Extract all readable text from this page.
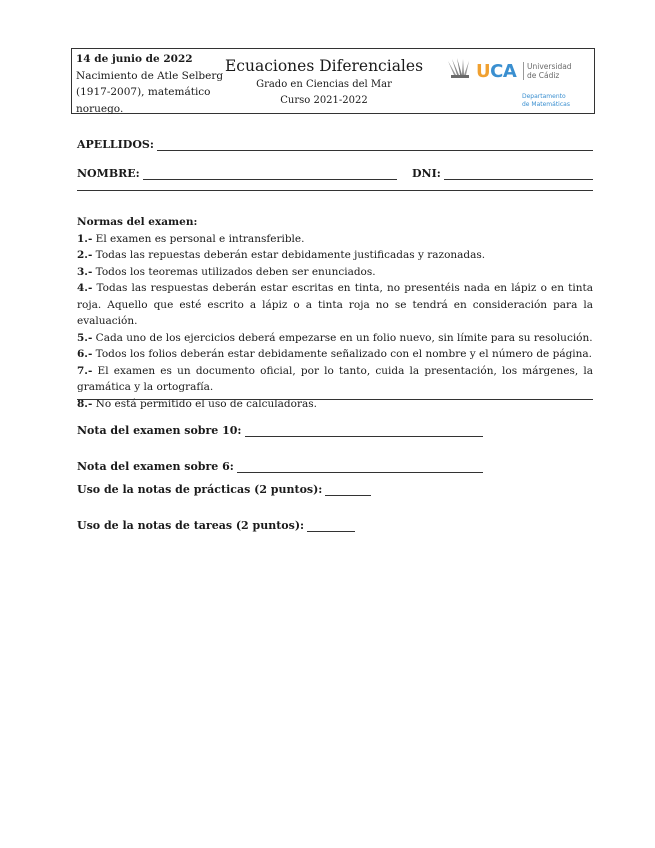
14 de junio de 2022
Nacimiento de Atle Selberg (1917-2007), matemático noruego.
Ecuaciones Diferenciales
Grado en Ciencias del Mar
Curso 2021-2022
UCA Universidad
de Cádiz
Departamento
de Matemáticas
APELLIDOS:
NOMBRE:	DNI:
Normas del examen:
1.- El examen es personal e intransferible.
2.- Todas las repuestas deberán estar debidamente justificadas y razonadas.
3.- Todos los teoremas utilizados deben ser enunciados.
4.- Todas las respuestas deberán estar escritas en tinta, no presentéis nada en lápiz o en tinta roja. Aquello que esté escrito a lápiz o a tinta roja no se tendrá en consideración para la evaluación.
5.- Cada uno de los ejercicios deberá empezarse en un folio nuevo, sin límite para su resolución.
6.- Todos los folios deberán estar debidamente señalizado con el nombre y el número de página.
7.- El examen es un documento oficial, por lo tanto, cuida la presentación, los márgenes, la gramática y la ortografía.
8.- No está permitido el uso de calculadoras.
Nota del examen sobre 10:
Nota del examen sobre 6:
Uso de la notas de prácticas (2 puntos):
Uso de la notas de tareas (2 puntos):
